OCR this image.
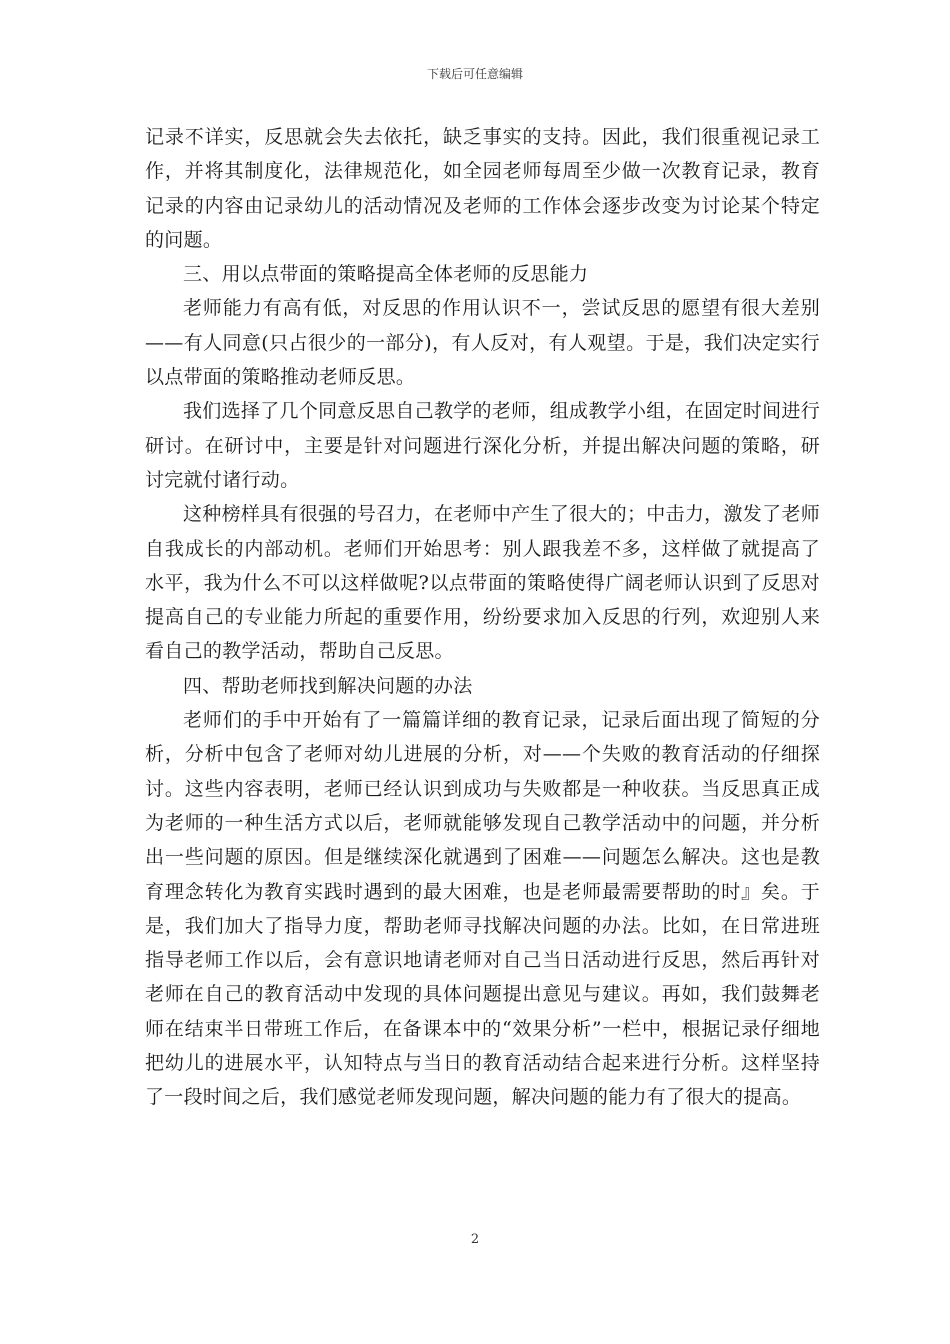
下载后可任意编辑

记录不详实，反思就会失去依托，缺乏事实的支持。因此，我们很重视记录工作，并将其制度化，法律规范化，如全园老师每周至少做一次教育记录，教育记录的内容由记录幼儿的活动情况及老师的工作体会逐步改变为讨论某个特定的问题。

三、用以点带面的策略提高全体老师的反思能力

老师能力有高有低，对反思的作用认识不一，尝试反思的愿望有很大差别——有人同意(只占很少的一部分)，有人反对，有人观望。于是，我们决定实行以点带面的策略推动老师反思。

我们选择了几个同意反思自己教学的老师，组成教学小组，在固定时间进行研讨。在研讨中，主要是针对问题进行深化分析，并提出解决问题的策略，研讨完就付诸行动。

这种榜样具有很强的号召力，在老师中产生了很大的；中击力，激发了老师自我成长的内部动机。老师们开始思考：别人跟我差不多，这样做了就提高了水平，我为什么不可以这样做呢?以点带面的策略使得广阔老师认识到了反思对提高自己的专业能力所起的重要作用，纷纷要求加入反思的行列，欢迎别人来看自己的教学活动，帮助自己反思。

四、帮助老师找到解决问题的办法

老师们的手中开始有了一篇篇详细的教育记录，记录后面出现了简短的分析，分析中包含了老师对幼儿进展的分析，对——个失败的教育活动的仔细探讨。这些内容表明，老师已经认识到成功与失败都是一种收获。当反思真正成为老师的一种生活方式以后，老师就能够发现自己教学活动中的问题，并分析出一些问题的原因。但是继续深化就遇到了困难——问题怎么解决。这也是教育理念转化为教育实践时遇到的最大困难，也是老师最需要帮助的时』矣。于是，我们加大了指导力度，帮助老师寻找解决问题的办法。比如，在日常进班指导老师工作以后，会有意识地请老师对自己当日活动进行反思，然后再针对老师在自己的教育活动中发现的具体问题提出意见与建议。再如，我们鼓舞老师在结束半日带班工作后，在备课本中的“效果分析”一栏中，根据记录仔细地把幼儿的进展水平，认知特点与当日的教育活动结合起来进行分析。这样坚持了一段时间之后，我们感觉老师发现问题，解决问题的能力有了很大的提高。

2
